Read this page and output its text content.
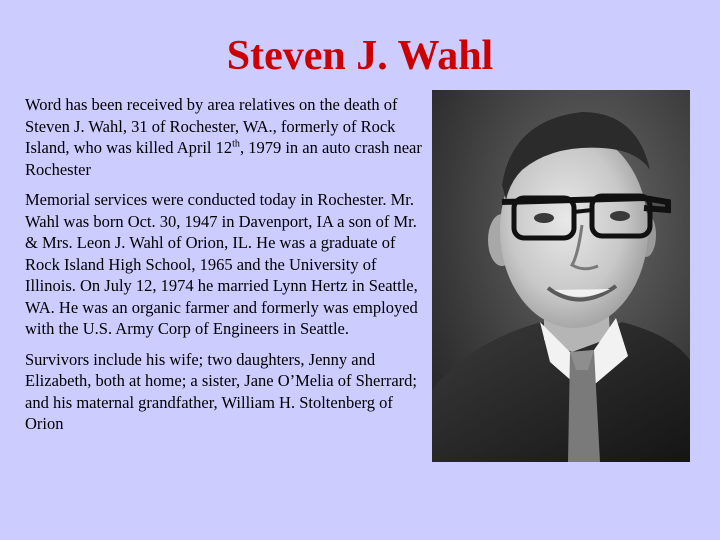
Steven J. Wahl

Word has been received by area relatives on the death of Steven J. Wahl, 31 of Rochester, WA., formerly of Rock Island, who was killed April 12th, 1979 in an auto crash near Rochester

Memorial services were conducted today in Rochester. Mr. Wahl was born Oct. 30, 1947 in Davenport, IA a son of Mr. & Mrs. Leon J. Wahl of Orion, IL. He was a graduate of Rock Island High School, 1965 and the University of Illinois. On July 12, 1974 he married Lynn Hertz in Seattle, WA. He was an organic farmer and formerly was employed with the U.S. Army Corp of Engineers in Seattle.

Survivors include his wife; two daughters, Jenny and Elizabeth, both at home; a sister, Jane O’Melia of Sherrard; and his maternal grandfather, William H. Stoltenberg of Orion
